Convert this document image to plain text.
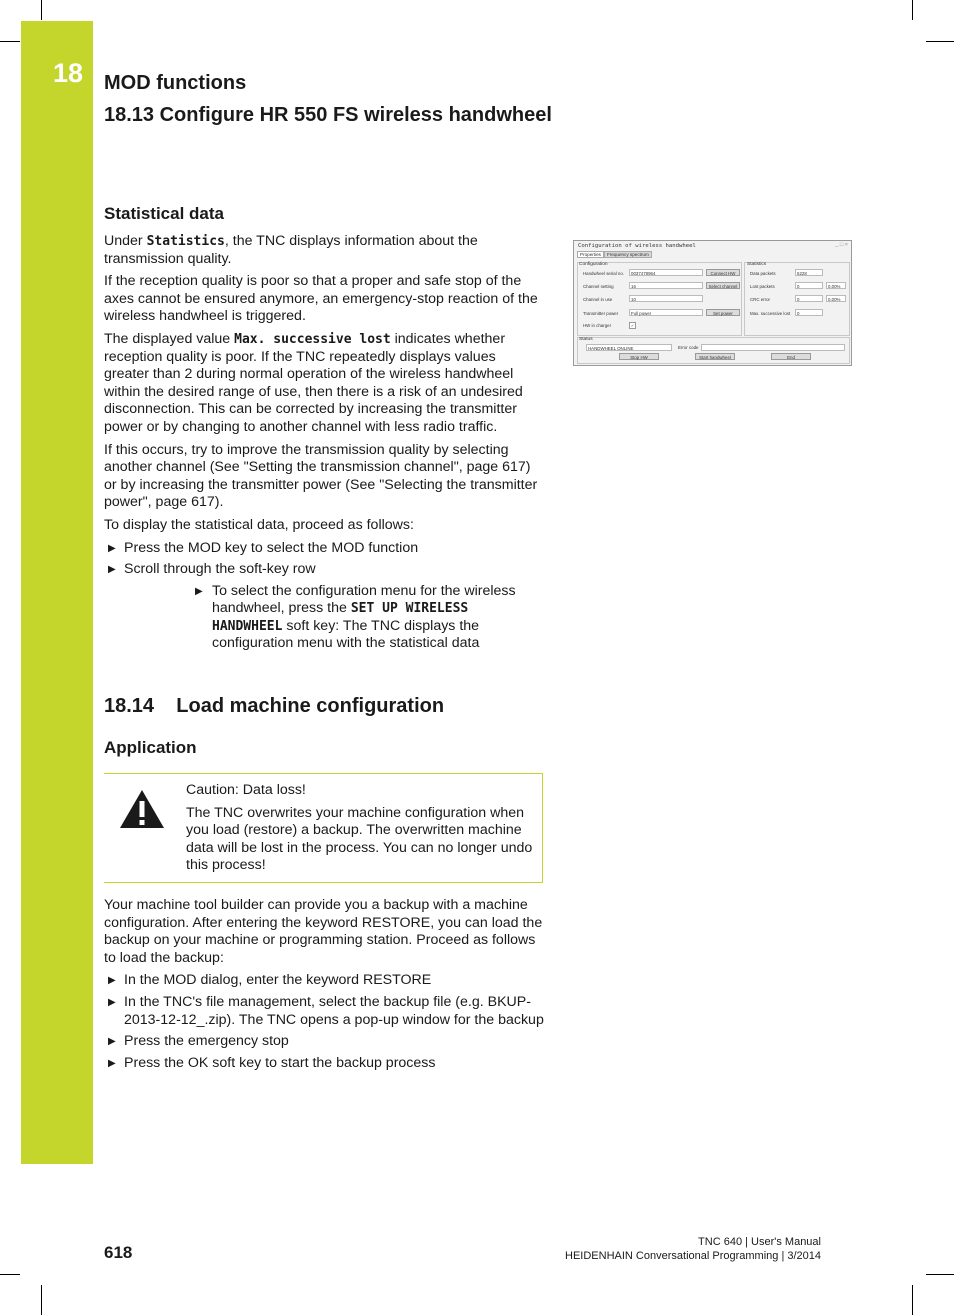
18	MOD functions
18.13 Configure HR 550 FS wireless handwheel
Configuration of wireless handwheel	_ □ ×
Properties Frequency spectrum
Configuration	Statistics
Handwheel serial no.	0037478964	Connect HW
Channel setting	16	Select channel
Channel in use	10
Transmitter power	Full power	Set power
HW in charger	✓
Data packets	5228
Lost packets	0	0.00%
CRC error	0	0.00%
Max. successive lost	0
Status
HANDWHEEL ONLINE	Error code
Stop HW	Start handwheel	End
Statistical data

Under Statistics, the TNC displays information about the transmission quality.

If the reception quality is poor so that a proper and safe stop of the axes cannot be ensured anymore, an emergency-stop reaction of the wireless handwheel is triggered.

The displayed value Max. successive lost indicates whether reception quality is poor. If the TNC repeatedly displays values greater than 2 during normal operation of the wireless handwheel within the desired range of use, then there is a risk of an undesired disconnection. This can be corrected by increasing the transmitter power or by changing to another channel with less radio traffic.

If this occurs, try to improve the transmission quality by selecting another channel (See "Setting the transmission channel", page 617) or by increasing the transmitter power (See "Selecting the transmitter power", page 617).

To display the statistical data, proceed as follows:

▶ Press the MOD key to select the MOD function
▶ Scroll through the soft-key row
▶ To select the configuration menu for the wireless handwheel, press the SET UP WIRELESS HANDWHEEL soft key: The TNC displays the configuration menu with the statistical data
18.14    Load machine configuration
Application

Caution: Data loss!

The TNC overwrites your machine configuration when you load (restore) a backup. The overwritten machine data will be lost in the process. You can no longer undo this process!

Your machine tool builder can provide you a backup with a machine configuration. After entering the keyword RESTORE, you can load the backup on your machine or programming station. Proceed as follows to load the backup:

▶ In the MOD dialog, enter the keyword RESTORE
▶ In the TNC's file management, select the backup file (e.g. BKUP-2013-12-12_.zip). The TNC opens a pop-up window for the backup
▶ Press the emergency stop
▶ Press the OK soft key to start the backup process
618
TNC 640 | User's Manual
HEIDENHAIN Conversational Programming | 3/2014
